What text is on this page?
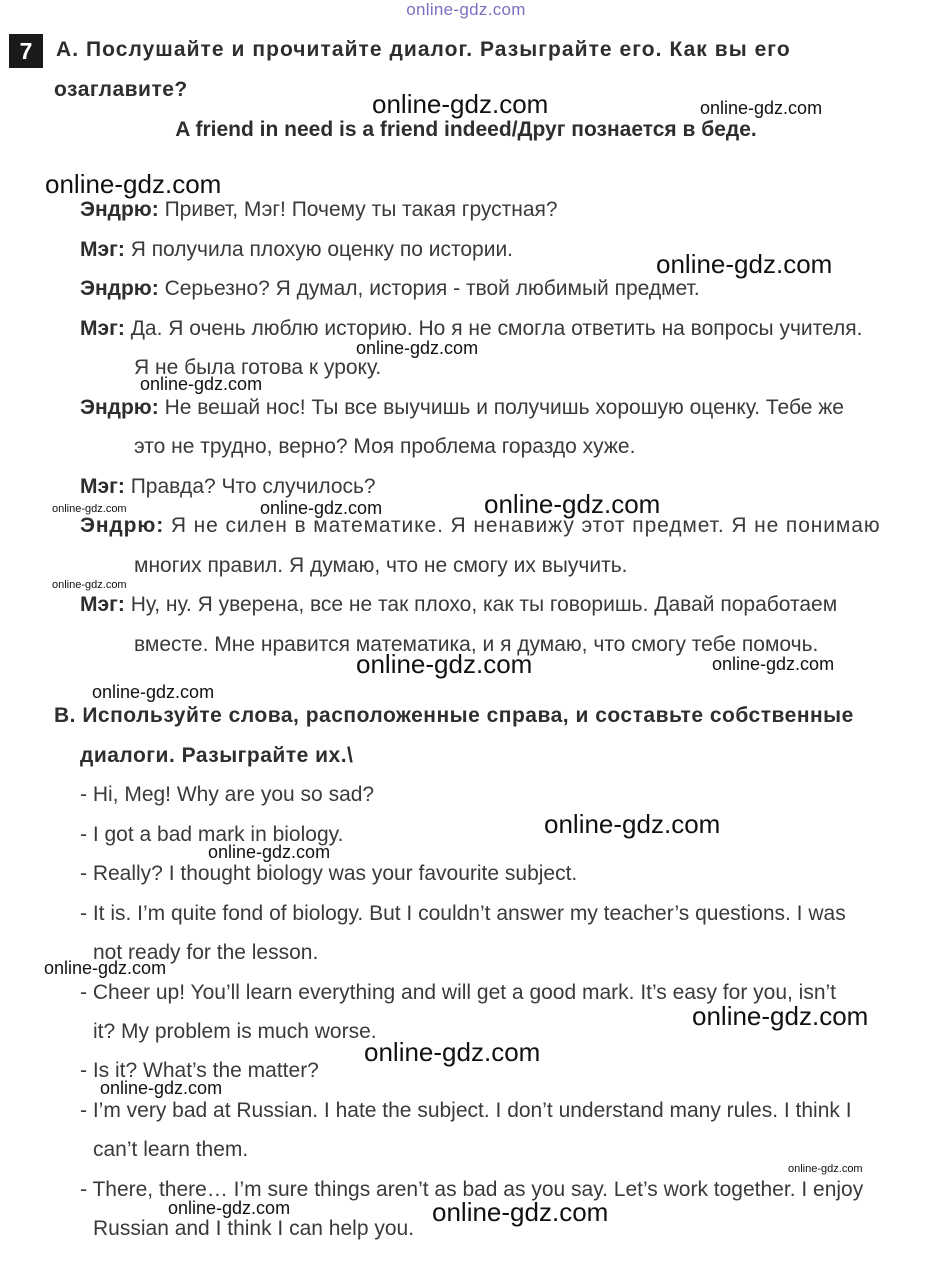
online-gdz.com
7	А. Послушайте и прочитайте диалог. Разыграйте его. Как вы его
озаглавите?
A friend in need is a friend indeed/Друг познается в беде.
Эндрю: Привет, Мэг! Почему ты такая грустная?
Мэг: Я получила плохую оценку по истории.
Эндрю: Серьезно? Я думал, история - твой любимый предмет.
Мэг: Да. Я очень люблю историю. Но я не смогла ответить на вопросы учителя.
Я не была готова к уроку.
Эндрю: Не вешай нос! Ты все выучишь и получишь хорошую оценку. Тебе же
это не трудно, верно? Моя проблема гораздо хуже.
Мэг: Правда? Что случилось?
Эндрю: Я не силен в математике. Я ненавижу этот предмет. Я не понимаю
многих правил. Я думаю, что не смогу их выучить.
Мэг: Ну, ну. Я уверена, все не так плохо, как ты говоришь. Давай поработаем
вместе. Мне нравится математика, и я думаю, что смогу тебе помочь.
В. Используйте слова, расположенные справа, и составьте собственные
диалоги. Разыграйте их.\
- Hi, Meg! Why are you so sad?
- I got a bad mark in biology.
- Really? I thought biology was your favourite subject.
- It is. I’m quite fond of biology. But I couldn’t answer my teacher’s questions. I was
not ready for the lesson.
- Cheer up! You’ll learn everything and will get a good mark. It’s easy for you, isn’t
it? My problem is much worse.
- Is it? What’s the matter?
- I’m very bad at Russian. I hate the subject. I don’t understand many rules. I think I
can’t learn them.
- There, there… I’m sure things aren’t as bad as you say. Let’s work together. I enjoy
Russian and I think I can help you.
online-gdz.com	online-gdz.com
online-gdz.com
online-gdz.com
online-gdz.com
online-gdz.com
online-gdz.com
online-gdz.com
online-gdz.com
online-gdz.com
online-gdz.com	online-gdz.com
online-gdz.com
online-gdz.com
online-gdz.com
online-gdz.com
online-gdz.com
online-gdz.com
online-gdz.com
online-gdz.com
online-gdz.com	online-gdz.com
